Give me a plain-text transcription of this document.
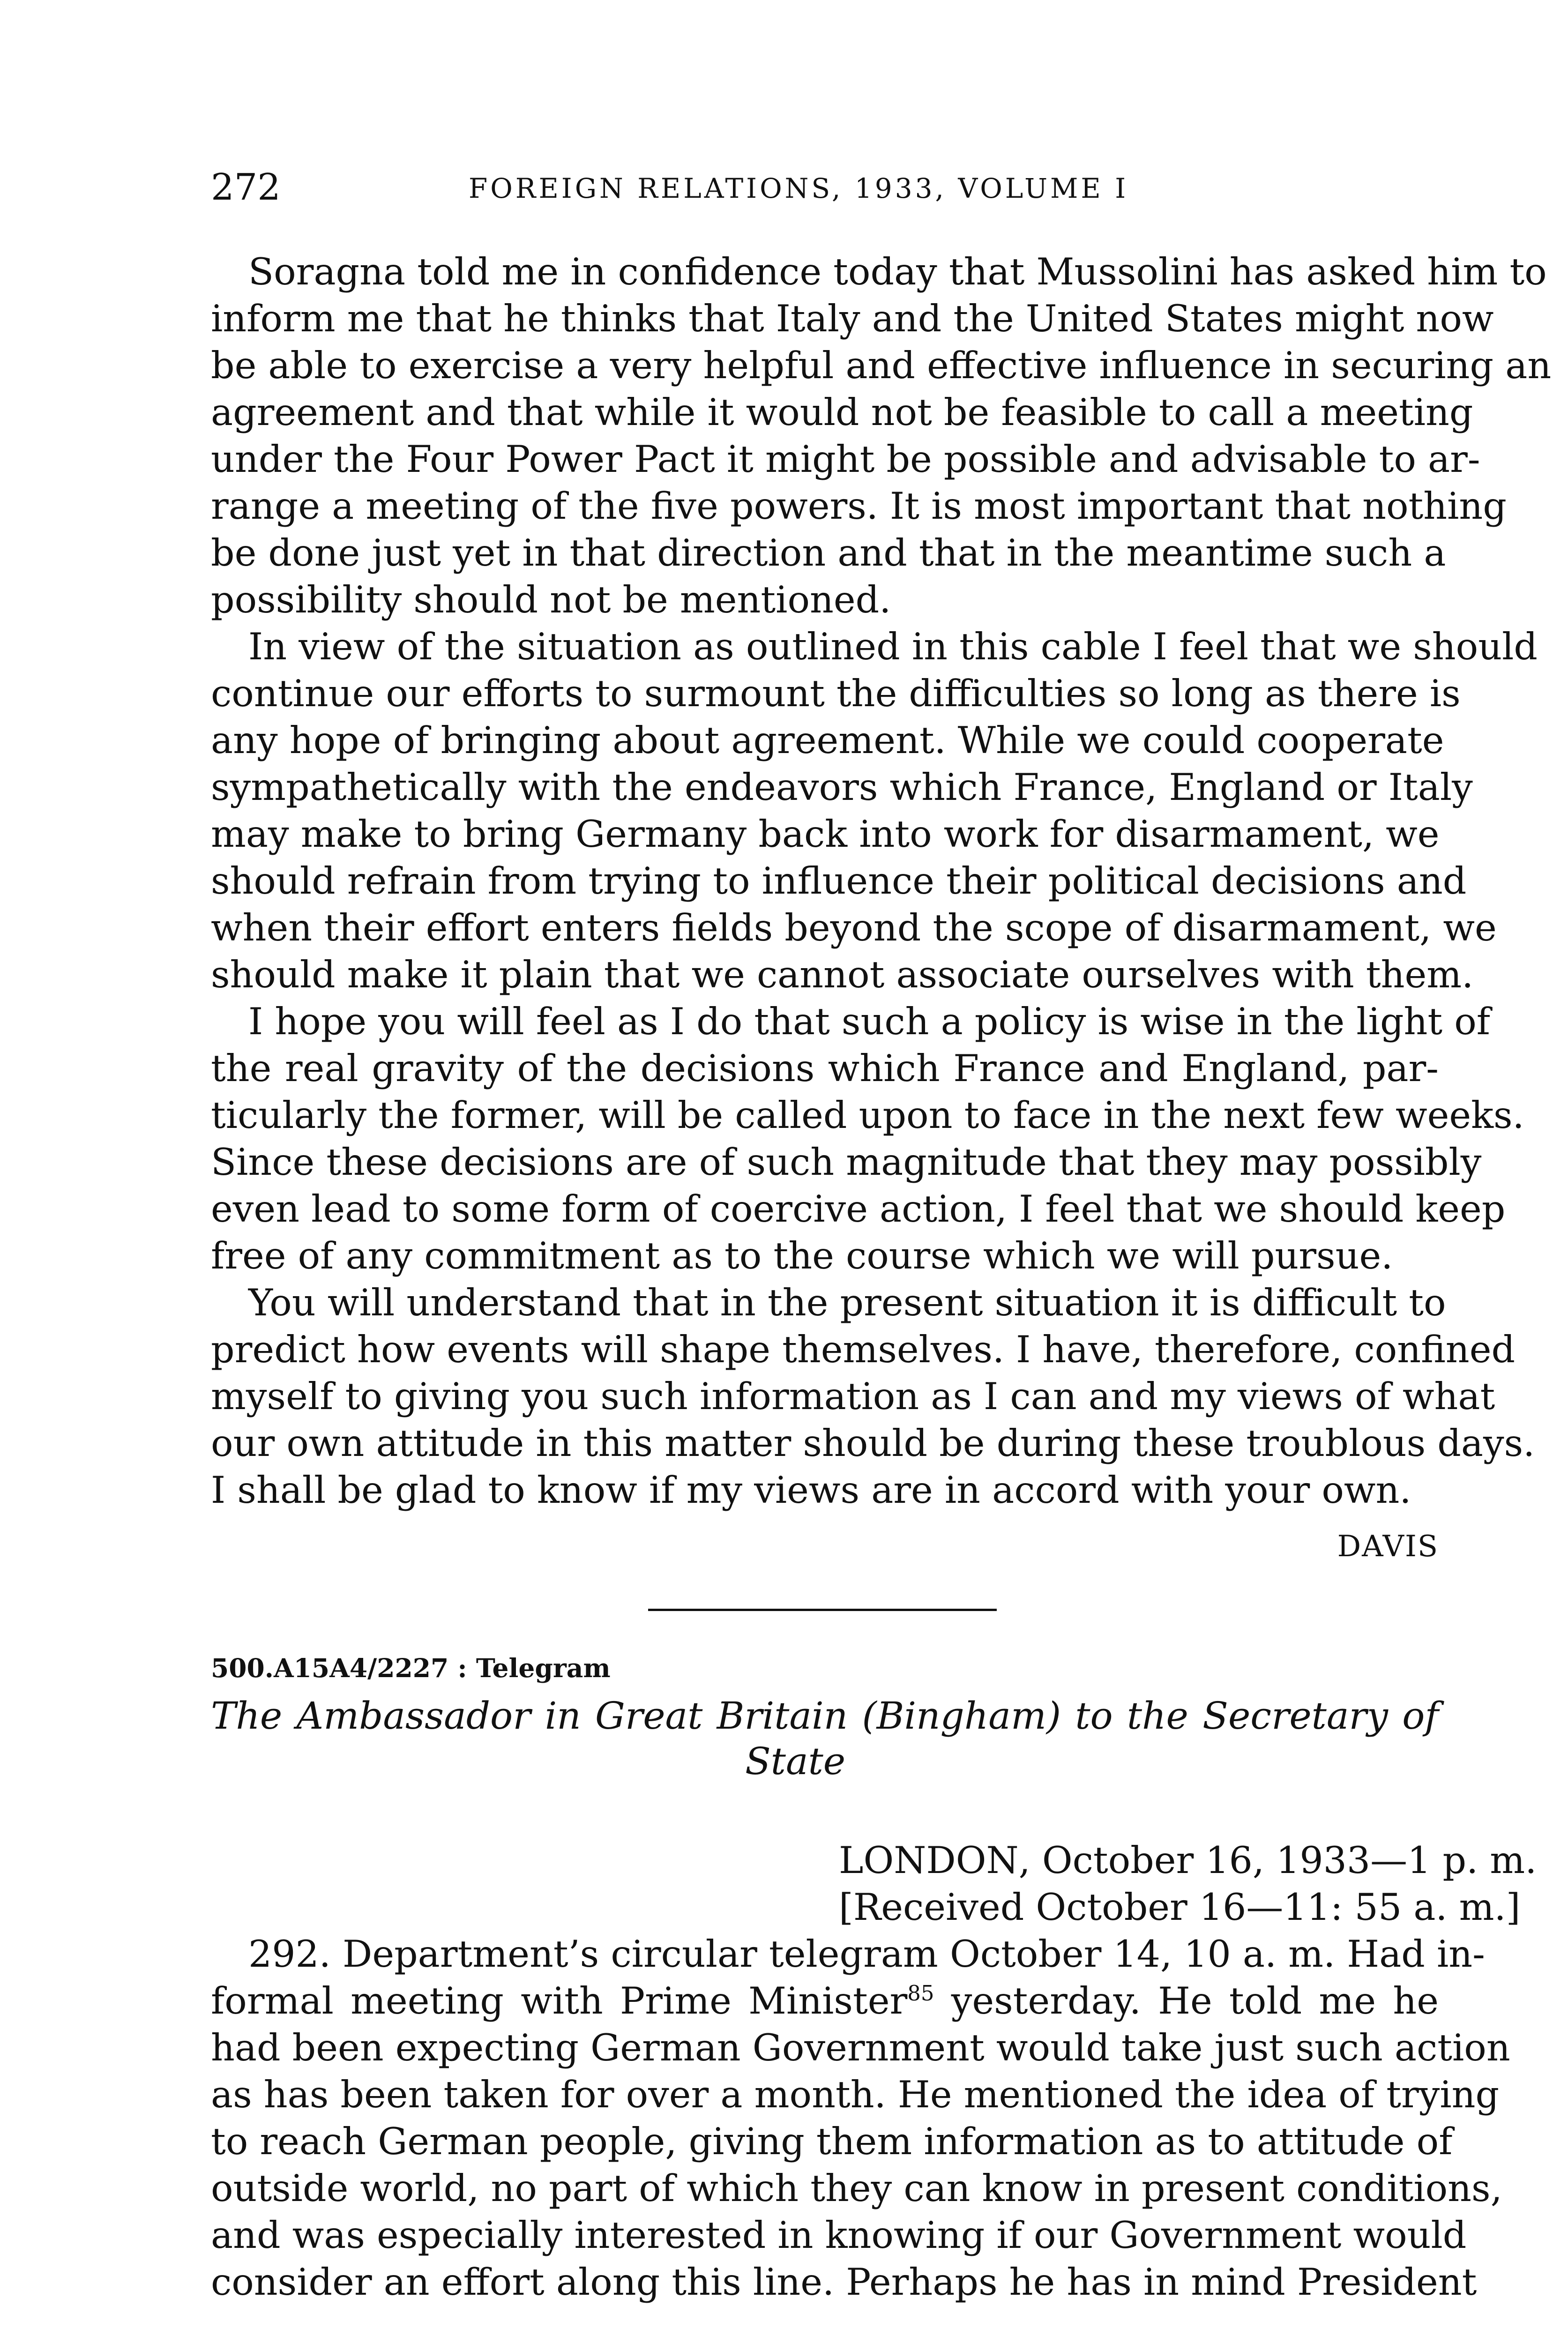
272	FOREIGN RELATIONS, 1933, VOLUME I
Soragna told me in confidence today that Mussolini has asked him to
inform me that he thinks that Italy and the United States might now
be able to exercise a very helpful and effective influence in securing an
agreement and that while it would not be feasible to call a meeting
under the Four Power Pact it might be possible and advisable to ar-
range a meeting of the five powers. It is most important that nothing
be done just yet in that direction and that in the meantime such a
possibility should not be mentioned.
In view of the situation as outlined in this cable I feel that we should
continue our efforts to surmount the difficulties so long as there is
any hope of bringing about agreement. While we could cooperate
sympathetically with the endeavors which France, England or Italy
may make to bring Germany back into work for disarmament, we
should refrain from trying to influence their political decisions and
when their effort enters fields beyond the scope of disarmament, we
should make it plain that we cannot associate ourselves with them.
I hope you will feel as I do that such a policy is wise in the light of
the real gravity of the decisions which France and England, par-
ticularly the former, will be called upon to face in the next few weeks.
Since these decisions are of such magnitude that they may possibly
even lead to some form of coercive action, I feel that we should keep
free of any commitment as to the course which we will pursue.
You will understand that in the present situation it is difficult to
predict how events will shape themselves. I have, therefore, confined
myself to giving you such information as I can and my views of what
our own attitude in this matter should be during these troublous days.
I shall be glad to know if my views are in accord with your own.
DAVIS
500.A15A4/2227 : Telegram
The Ambassador in Great Britain (Bingham) to the Secretary of
State
LONDON, October 16, 1933—1 p. m.
[Received October 16—11: 55 a. m.]
292. Department’s circular telegram October 14, 10 a. m. Had in-
formal meeting with Prime Minister$^{85}$ yesterday. He told me he
had been expecting German Government would take just such action
as has been taken for over a month. He mentioned the idea of trying
to reach German people, giving them information as to attitude of
outside world, no part of which they can know in present conditions,
and was especially interested in knowing if our Government would
consider an effort along this line. Perhaps he has in mind President
